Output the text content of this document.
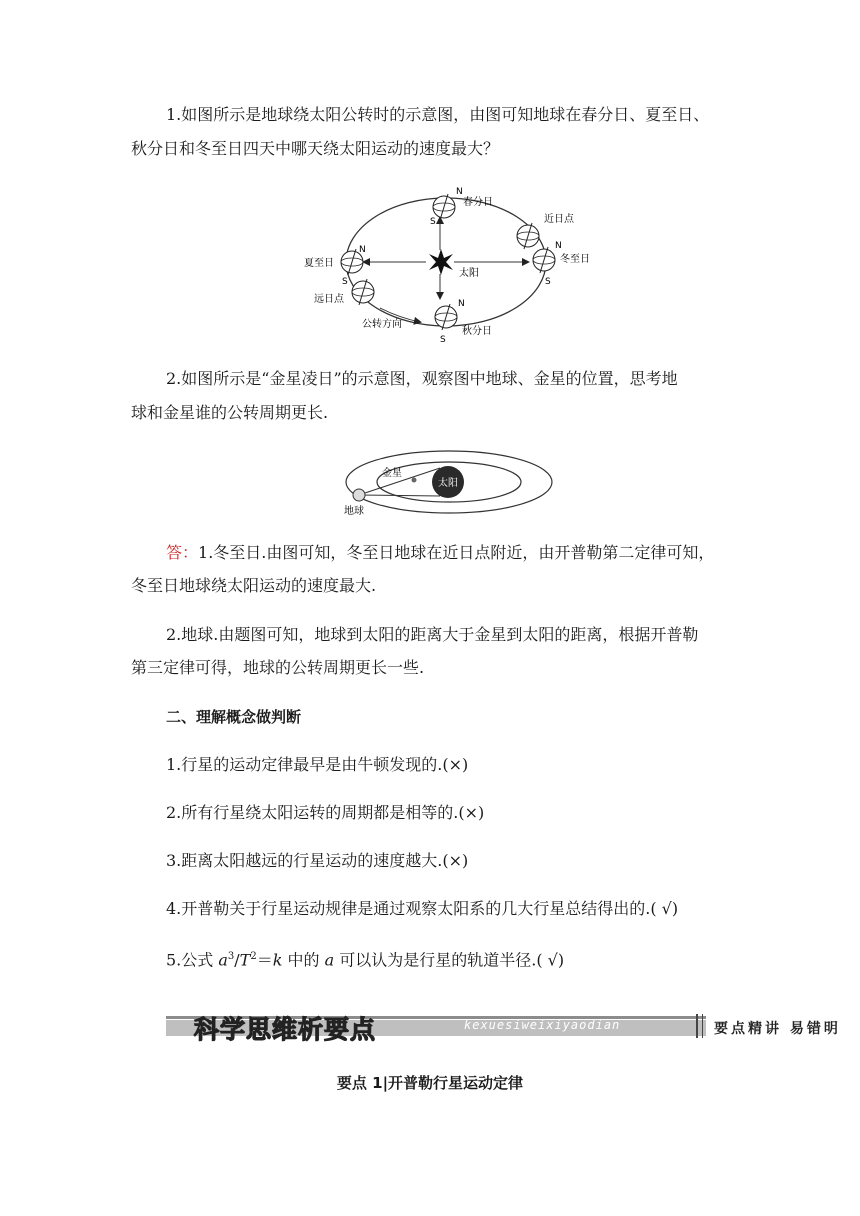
1.如图所示是地球绕太阳公转时的示意图，由图可知地球在春分日、夏至日、
秋分日和冬至日四天中哪天绕太阳运动的速度最大？
太阳
N
S
春分日
N
S
夏至日
远日点
近日点
N
S
冬至日
N
S
秋分日
公转方向
2.如图所示是“金星凌日”的示意图，观察图中地球、金星的位置，思考地
球和金星谁的公转周期更长.
太阳
金星
地球
答：1.冬至日.由图可知，冬至日地球在近日点附近，由开普勒第二定律可知，
冬至日地球绕太阳运动的速度最大.
2.地球.由题图可知，地球到太阳的距离大于金星到太阳的距离，根据开普勒
第三定律可得，地球的公转周期更长一些.
二、理解概念做判断
1.行星的运动定律最早是由牛顿发现的.(×)
2.所有行星绕太阳运转的周期都是相等的.(×)
3.距离太阳越远的行星运动的速度越大.(×)
4.开普勒关于行星运动规律是通过观察太阳系的几大行星总结得出的.( √)
5.公式 $a^3/T^2=k$ 中的 a 可以认为是行星的轨道半径.( √)
科学思维析要点	kexuesiweixiyaodian	要点精讲 易错明
要点 1|开普勒行星运动定律
